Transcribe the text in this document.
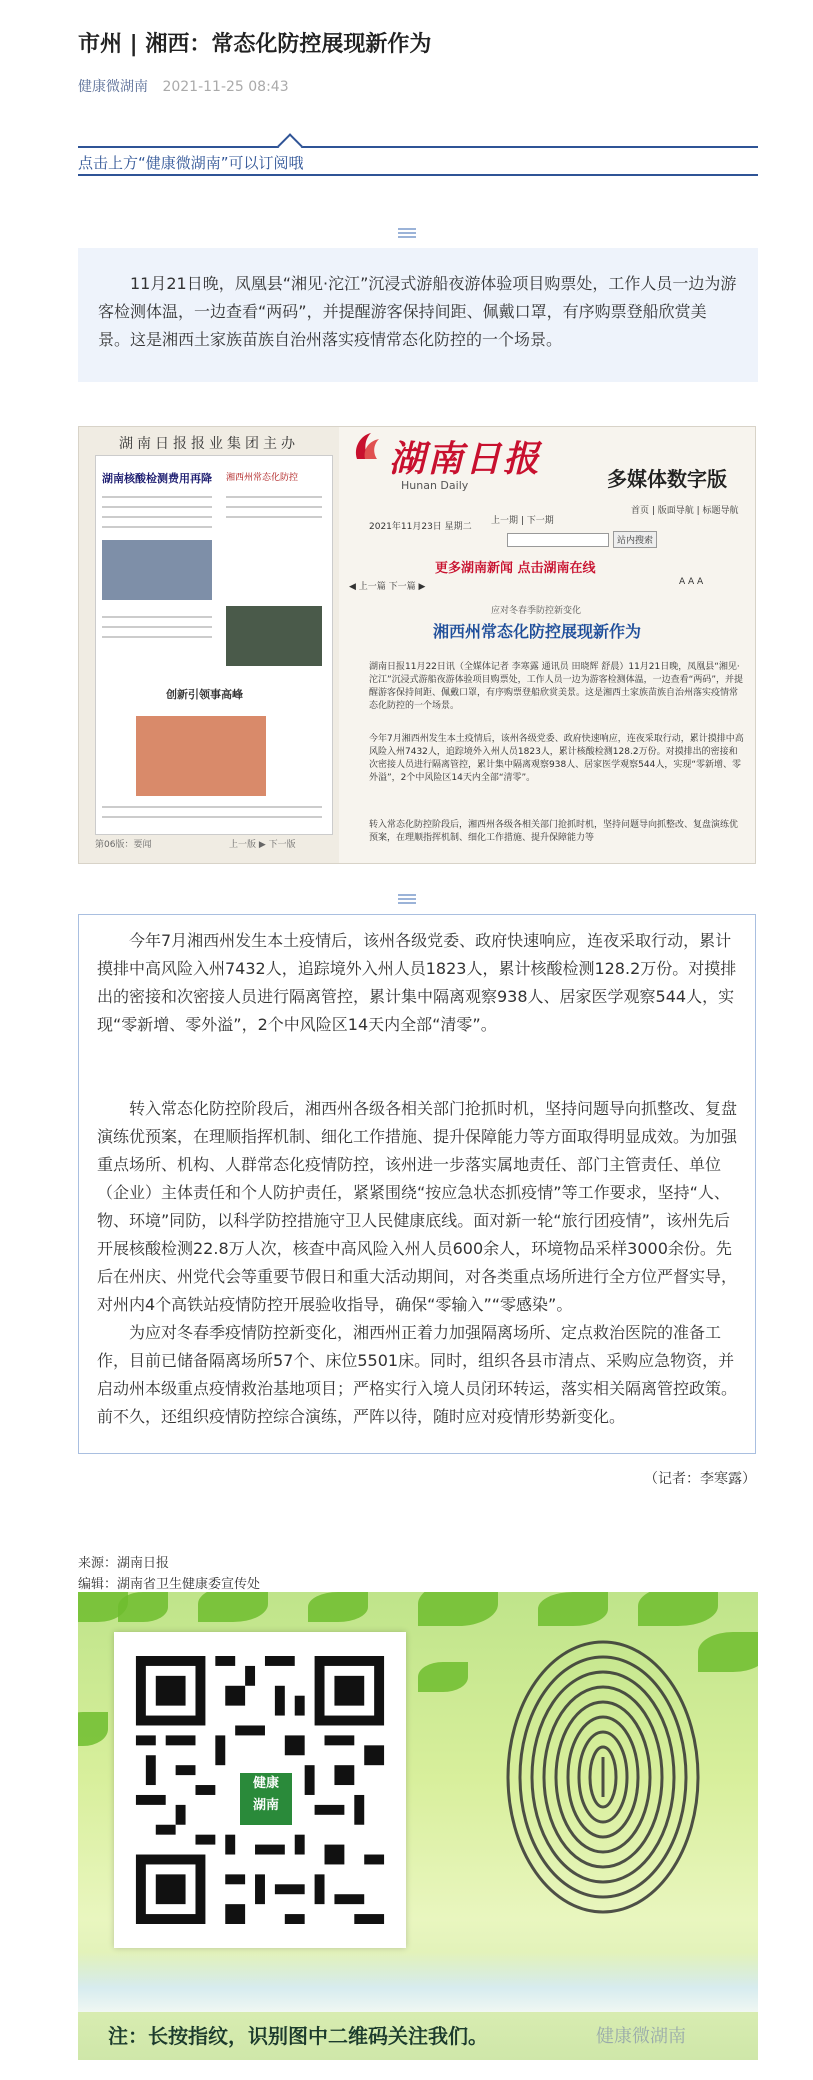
市州 | 湘西：常态化防控展现新作为
健康微湖南 2021-11-25 08:43
点击上方“健康微湖南”可以订阅哦

11月21日晚，凤凰县“湘见·沱江”沉浸式游船夜游体验项目购票处，工作人员一边为游客检测体温，一边查看“两码”，并提醒游客保持间距、佩戴口罩，有序购票登船欣赏美景。这是湘西土家族苗族自治州落实疫情常态化防控的一个场景。

湖南日报报业集团主办
湖南核酸检测费用再降 湘西州常态化防控
创新引领事高峰
第06版：要闻	上一版 ▶ 下一版
湖南日报
Hunan Daily	多媒体数字版
首页 | 版面导航 | 标题导航
2021年11月23日 星期二
上一期 | 下一期
站内搜索
更多湖南新闻 点击湖南在线
◀ 上一篇 下一篇 ▶	A A A
应对冬春季防控新变化
湘西州常态化防控展现新作为
湖南日报11月22日讯（全媒体记者 李寒露 通讯员 田晓辉 舒晨）11月21日晚，凤凰县“湘见·沱江”沉浸式游船夜游体验项目购票处，工作人员一边为游客检测体温，一边查看“两码”，并提醒游客保持间距、佩戴口罩，有序购票登船欣赏美景。这是湘西土家族苗族自治州落实疫情常态化防控的一个场景。
今年7月湘西州发生本土疫情后，该州各级党委、政府快速响应，连夜采取行动，累计摸排中高风险入州7432人，追踪境外入州人员1823人，累计核酸检测128.2万份。对摸排出的密接和次密接人员进行隔离管控，累计集中隔离观察938人、居家医学观察544人，实现“零新增、零外溢”，2个中风险区14天内全部“清零”。
转入常态化防控阶段后，湘西州各级各相关部门抢抓时机，坚持问题导向抓整改、复盘演练优预案，在理顺指挥机制、细化工作措施、提升保障能力等

今年7月湘西州发生本土疫情后，该州各级党委、政府快速响应，连夜采取行动，累计摸排中高风险入州7432人，追踪境外入州人员1823人，累计核酸检测128.2万份。对摸排出的密接和次密接人员进行隔离管控，累计集中隔离观察938人、居家医学观察544人，实现“零新增、零外溢”，2个中风险区14天内全部“清零”。

转入常态化防控阶段后，湘西州各级各相关部门抢抓时机，坚持问题导向抓整改、复盘演练优预案，在理顺指挥机制、细化工作措施、提升保障能力等方面取得明显成效。为加强重点场所、机构、人群常态化疫情防控，该州进一步落实属地责任、部门主管责任、单位（企业）主体责任和个人防护责任，紧紧围绕“按应急状态抓疫情”等工作要求，坚持“人、物、环境”同防，以科学防控措施守卫人民健康底线。面对新一轮“旅行团疫情”，该州先后开展核酸检测22.8万人次，核查中高风险入州人员600余人，环境物品采样3000余份。先后在州庆、州党代会等重要节假日和重大活动期间，对各类重点场所进行全方位严督实导，对州内4个高铁站疫情防控开展验收指导，确保“零输入”“零感染”。

为应对冬春季疫情防控新变化，湘西州正着力加强隔离场所、定点救治医院的准备工作，目前已储备隔离场所57个、床位5501床。同时，组织各县市清点、采购应急物资，并启动州本级重点疫情救治基地项目；严格实行入境人员闭环转运，落实相关隔离管控政策。前不久，还组织疫情防控综合演练，严阵以待，随时应对疫情形势新变化。

（记者：李寒露）
来源：湖南日报
编辑：湖南省卫生健康委宣传处
健康
湖南
注：长按指纹，识别图中二维码关注我们。	健康微湖南
